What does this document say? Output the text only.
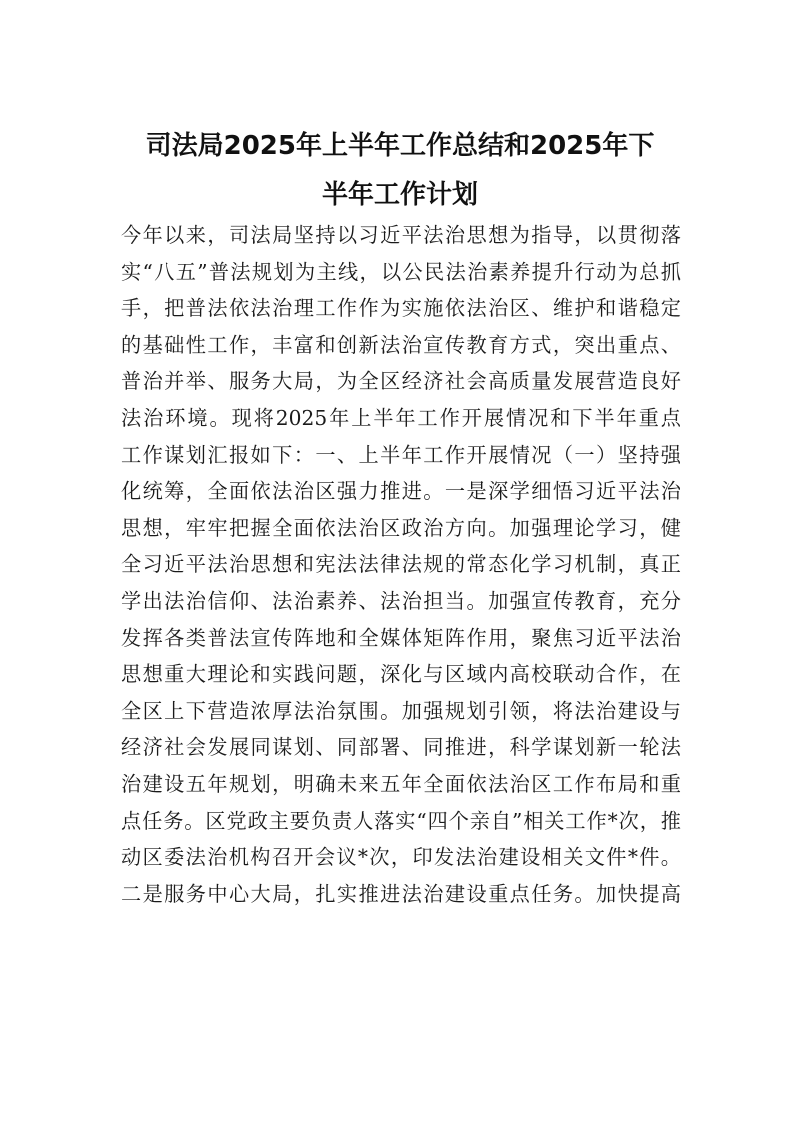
司法局2025年上半年工作总结和2025年下
半年工作计划
今年以来，司法局坚持以习近平法治思想为指导，以贯彻落
实“八五”普法规划为主线，以公民法治素养提升行动为总抓
手，把普法依法治理工作作为实施依法治区、维护和谐稳定
的基础性工作，丰富和创新法治宣传教育方式，突出重点、
普治并举、服务大局，为全区经济社会高质量发展营造良好
法治环境。现将2025年上半年工作开展情况和下半年重点
工作谋划汇报如下：一、上半年工作开展情况（一）坚持强
化统筹，全面依法治区强力推进。一是深学细悟习近平法治
思想，牢牢把握全面依法治区政治方向。加强理论学习，健
全习近平法治思想和宪法法律法规的常态化学习机制，真正
学出法治信仰、法治素养、法治担当。加强宣传教育，充分
发挥各类普法宣传阵地和全媒体矩阵作用，聚焦习近平法治
思想重大理论和实践问题，深化与区域内高校联动合作，在
全区上下营造浓厚法治氛围。加强规划引领，将法治建设与
经济社会发展同谋划、同部署、同推进，科学谋划新一轮法
治建设五年规划，明确未来五年全面依法治区工作布局和重
点任务。区党政主要负责人落实“四个亲自”相关工作*次，推
动区委法治机构召开会议*次，印发法治建设相关文件*件。
二是服务中心大局，扎实推进法治建设重点任务。加快提高
